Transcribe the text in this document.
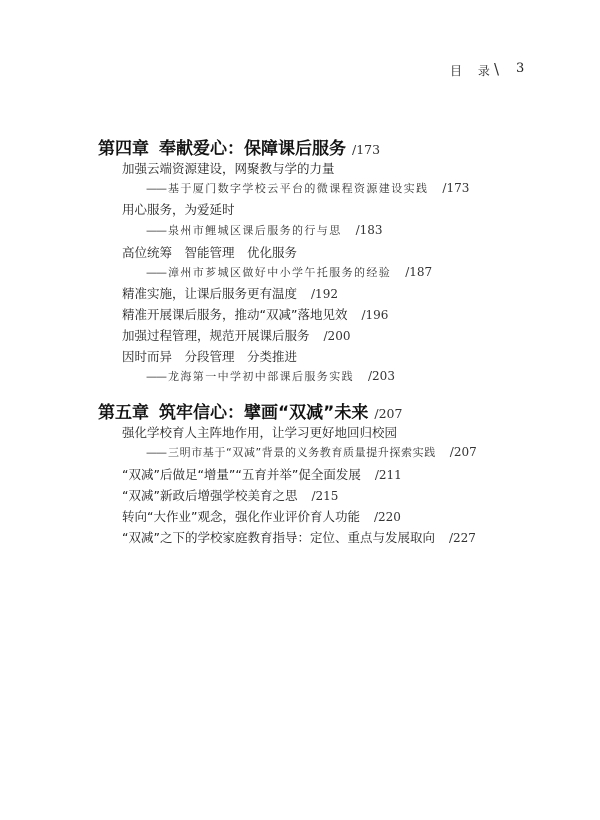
目 录
\ 3
第四章 奉献爱心：保障课后服务 /173
加强云端资源建设，网聚教与学的力量
—— 基于厦门数字学校云平台的微课程资源建设实践 /173
用心服务，为爱延时
—— 泉州市鲤城区课后服务的行与思 /183
高位统筹　智能管理　优化服务
—— 漳州市芗城区做好中小学午托服务的经验 /187
精准实施，让课后服务更有温度 /192
精准开展课后服务，推动“双减”落地见效 /196
加强过程管理，规范开展课后服务 /200
因时而异　分段管理　分类推进
—— 龙海第一中学初中部课后服务实践 /203
第五章 筑牢信心：擘画“双减”未来 /207
强化学校育人主阵地作用，让学习更好地回归校园
—— 三明市基于“双减”背景的义务教育质量提升探索实践 /207
“双减”后做足“增量”“五育并举”促全面发展 /211
“双减”新政后增强学校美育之思 /215
转向“大作业”观念，强化作业评价育人功能 /220
“双减”之下的学校家庭教育指导：定位、重点与发展取向 /227
